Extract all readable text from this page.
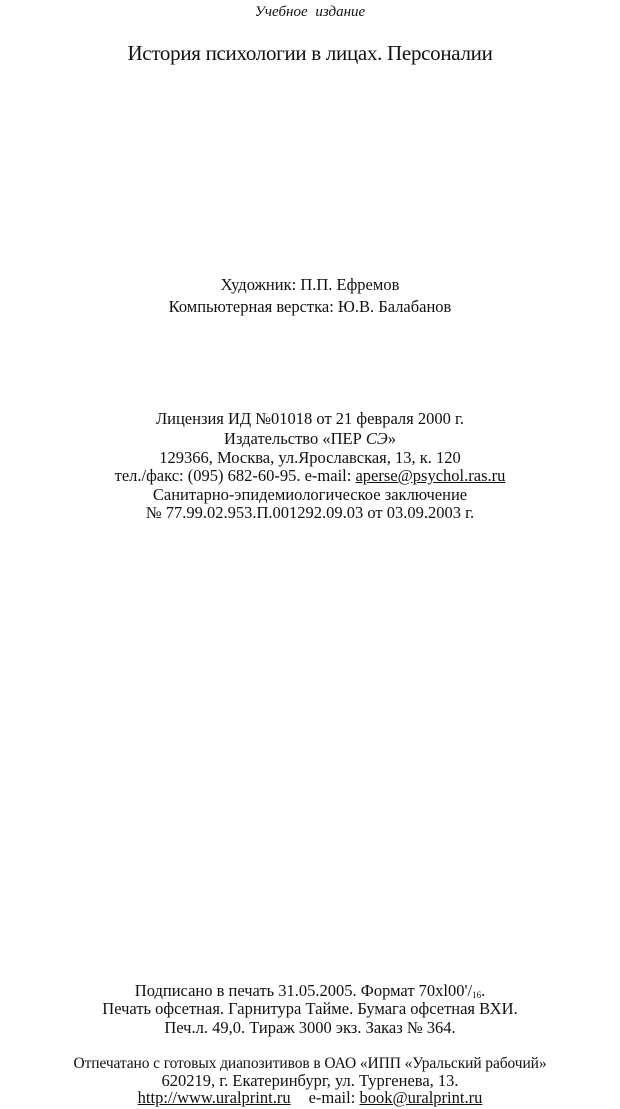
Учебное издание
История психологии в лицах. Персоналии
Художник: П.П. Ефремов
Компьютерная верстка: Ю.В. Балабанов
Лицензия ИД №01018 от 21 февраля 2000 г.
Издательство «ПЕР СЭ»
129366, Москва, ул.Ярославская, 13, к. 120
тел./факс: (095) 682-60-95. e-mail: aperse@psychol.ras.ru
Санитарно-эпидемиологическое заключение
№ 77.99.02.953.П.001292.09.03 от 03.09.2003 г.
Подписано в печать 31.05.2005. Формат $70xl00'/_{16}$.
Печать офсетная. Гарнитура Тайме. Бумага офсетная ВХИ.
Печ.л. 49,0. Тираж 3000 экз. Заказ № 364.
Отпечатано с готовых диапозитивов в ОАО «ИПП «Уральский рабочий»
620219, г. Екатеринбург, ул. Тургенева, 13.
http://www.uralprint.ru e-mail: book@uralprint.ru
